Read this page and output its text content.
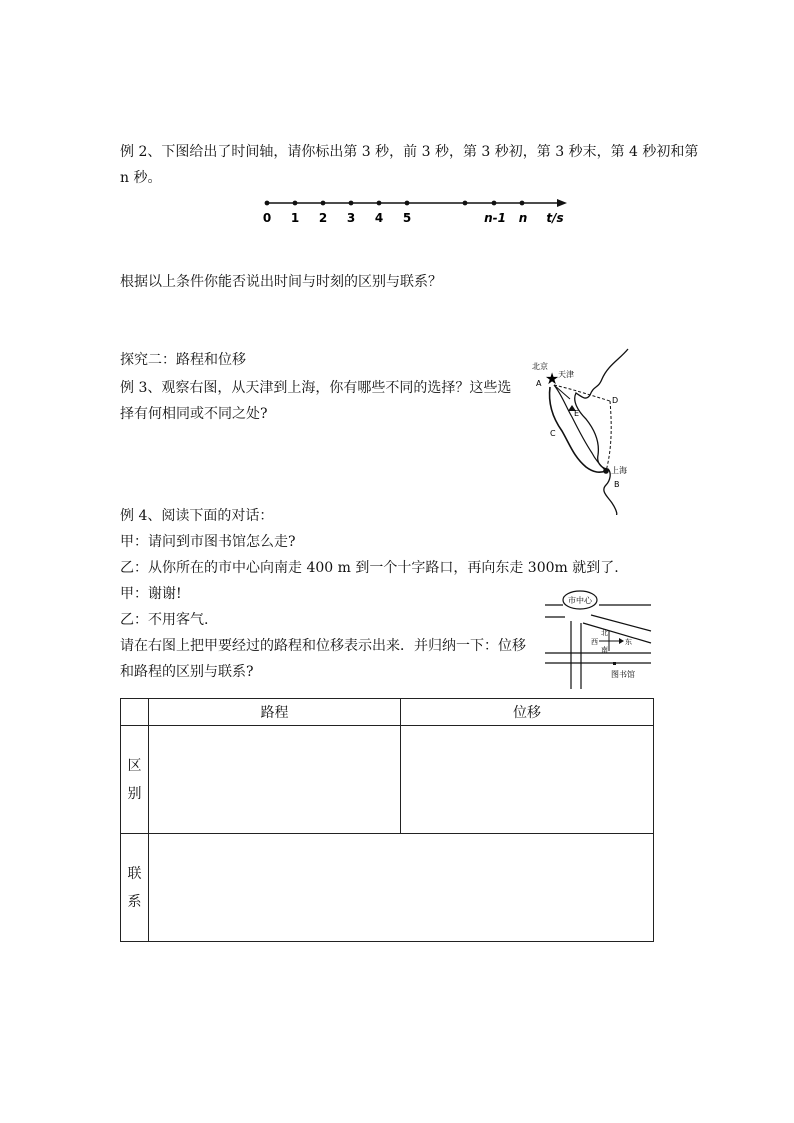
例 2、下图给出了时间轴，请你标出第 3 秒，前 3 秒，第 3 秒初，第 3 秒末，第 4 秒初和第
n 秒。
0 1 2 3 4 5	n-1 n t/s
根据以上条件你能否说出时间与时刻的区别与联系？
探究二：路程和位移
例 3、观察右图，从天津到上海，你有哪些不同的选择？这些选
择有何相同或不同之处?
★
北京
A
天津
D
E
C
上海
B
例 4、阅读下面的对话：
甲：请问到市图书馆怎么走?
乙：从你所在的市中心向南走 400 m 到一个十字路口，再向东走 300m 就到了.
甲：谢谢!
乙：不用客气.
请在右图上把甲要经过的路程和位移表示出来．并归纳一下：位移
和路程的区别与联系?
市中心
北
西	东
南
图书馆
	路程	位移
区
别		
联
系		
